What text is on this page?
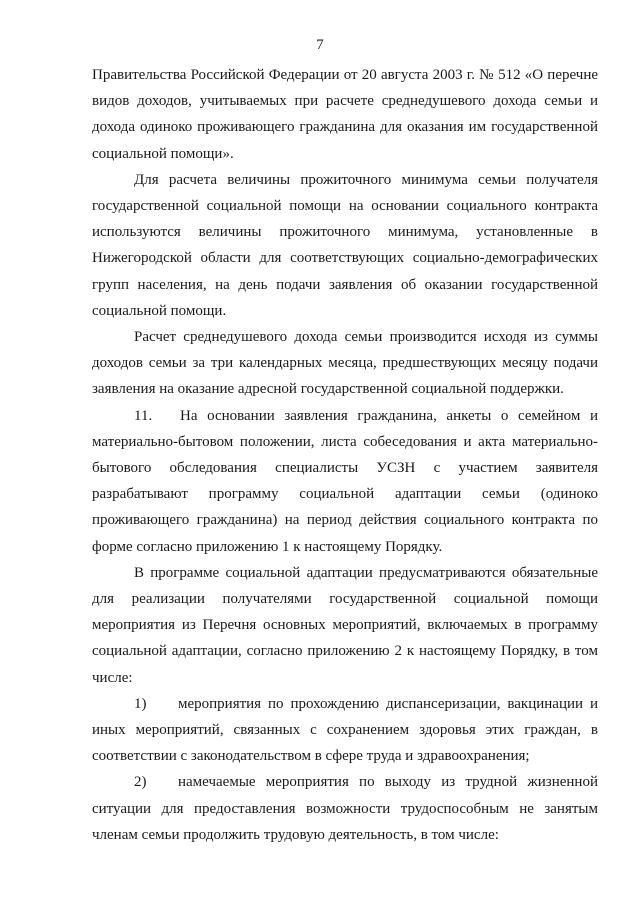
7

Правительства Российской Федерации от 20 августа 2003 г. № 512 «О перечне видов доходов, учитываемых при расчете среднедушевого дохода семьи и дохода одиноко проживающего гражданина для оказания им государственной социальной помощи».

Для расчета величины прожиточного минимума семьи получателя государственной социальной помощи на основании социального контракта используются величины прожиточного минимума, установленные в Нижегородской области для соответствующих социально-демографических групп населения, на день подачи заявления об оказании государственной социальной помощи.

Расчет среднедушевого дохода семьи производится исходя из суммы доходов семьи за три календарных месяца, предшествующих месяцу подачи заявления на оказание адресной государственной социальной поддержки.

11. На основании заявления гражданина, анкеты о семейном и материально-бытовом положении, листа собеседования и акта материально-бытового обследования специалисты УСЗН с участием заявителя разрабатывают программу социальной адаптации семьи (одиноко проживающего гражданина) на период действия социального контракта по форме согласно приложению 1 к настоящему Порядку.

В программе социальной адаптации предусматриваются обязательные для реализации получателями государственной социальной помощи мероприятия из Перечня основных мероприятий, включаемых в программу социальной адаптации, согласно приложению 2 к настоящему Порядку, в том числе:

1) мероприятия по прохождению диспансеризации, вакцинации и иных мероприятий, связанных с сохранением здоровья этих граждан, в соответствии с законодательством в сфере труда и здравоохранения;

2) намечаемые мероприятия по выходу из трудной жизненной ситуации для предоставления возможности трудоспособным не занятым членам семьи продолжить трудовую деятельность, в том числе:
